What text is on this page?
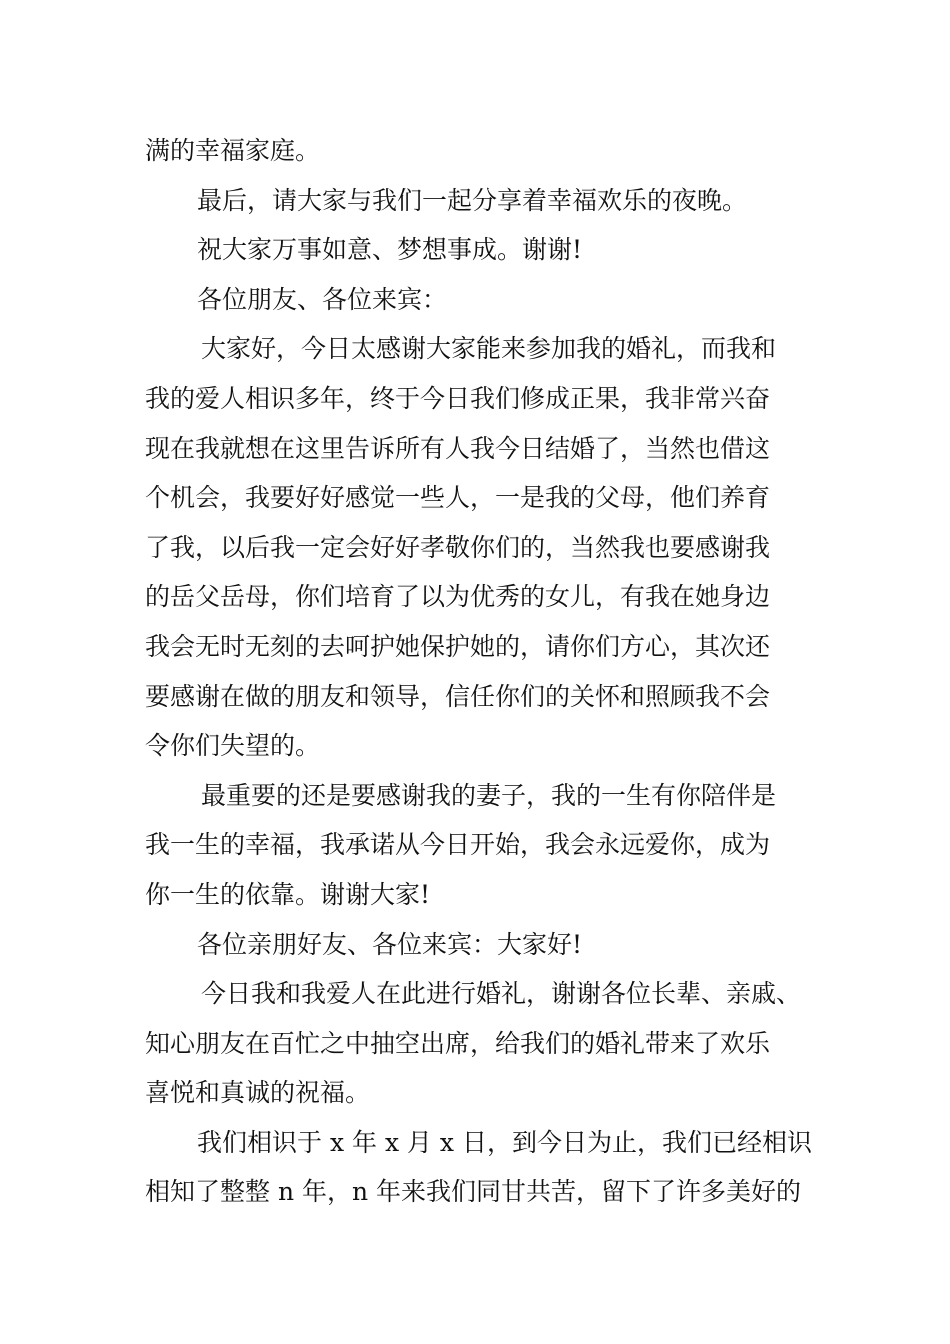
满的幸福家庭。
最后，请大家与我们一起分享着幸福欢乐的夜晚。
祝大家万事如意、梦想事成。谢谢!
各位朋友、各位来宾：
大家好，今日太感谢大家能来参加我的婚礼，而我和
我的爱人相识多年，终于今日我们修成正果，我非常兴奋
现在我就想在这里告诉所有人我今日结婚了，当然也借这
个机会，我要好好感觉一些人，一是我的父母，他们养育
了我，以后我一定会好好孝敬你们的，当然我也要感谢我
的岳父岳母，你们培育了以为优秀的女儿，有我在她身边
我会无时无刻的去呵护她保护她的，请你们方心，其次还
要感谢在做的朋友和领导，信任你们的关怀和照顾我不会
令你们失望的。
最重要的还是要感谢我的妻子，我的一生有你陪伴是
我一生的幸福，我承诺从今日开始，我会永远爱你，成为
你一生的依靠。谢谢大家!
各位亲朋好友、各位来宾：大家好!
今日我和我爱人在此进行婚礼，谢谢各位长辈、亲戚、
知心朋友在百忙之中抽空出席，给我们的婚礼带来了欢乐
喜悦和真诚的祝福。
我们相识于 x 年 x 月 x 日，到今日为止，我们已经相识
相知了整整 n 年，n 年来我们同甘共苦，留下了许多美好的
